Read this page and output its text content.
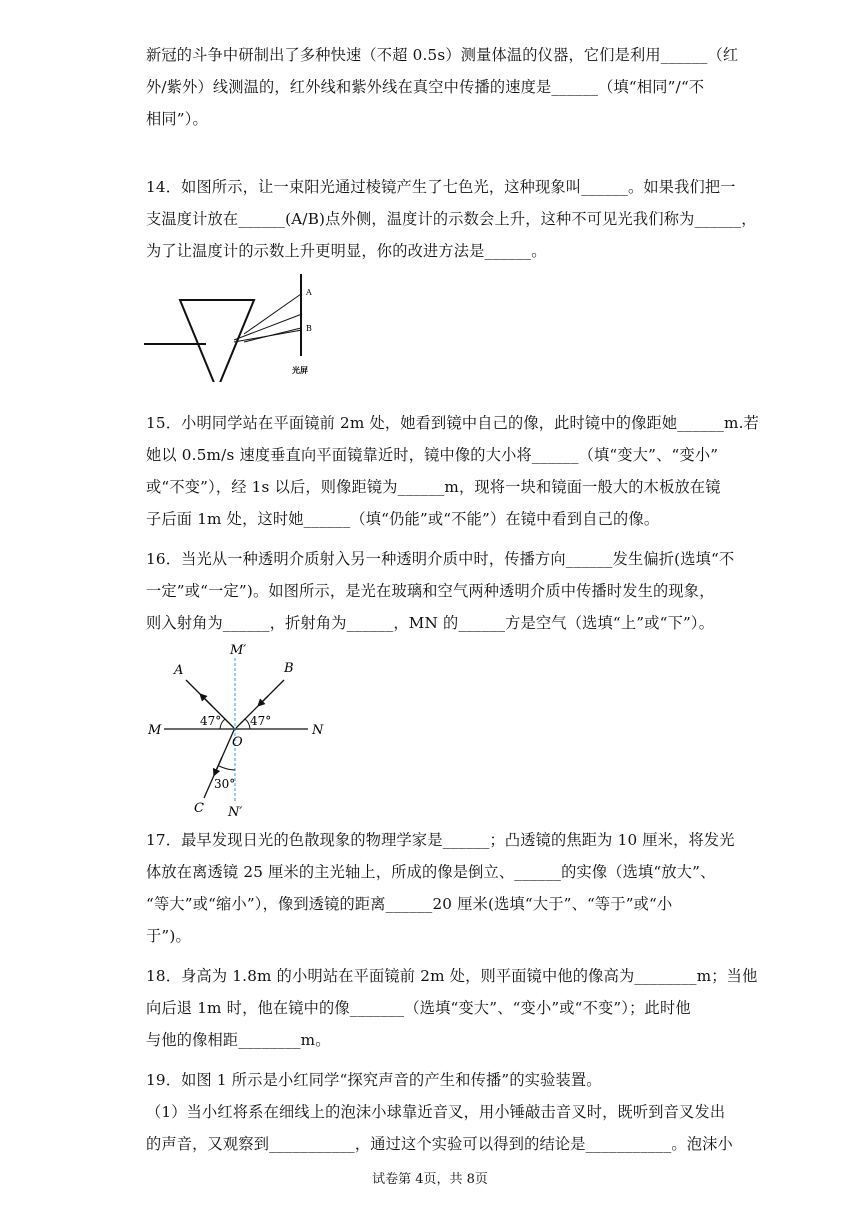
新冠的斗争中研制出了多种快速（不超 0.5s）测量体温的仪器，它们是利用______（红
外/紫外）线测温的，红外线和紫外线在真空中传播的速度是______（填“相同”/“不
相同”）。
14．如图所示，让一束阳光通过棱镜产生了七色光，这种现象叫______。如果我们把一
支温度计放在______(A/B)点外侧，温度计的示数会上升，这种不可见光我们称为______，
为了让温度计的示数上升更明显，你的改进方法是______。
A
B
光屏
15．小明同学站在平面镜前 2m 处，她看到镜中自己的像，此时镜中的像距她______m.若
她以 0.5m/s 速度垂直向平面镜靠近时，镜中像的大小将______（填“变大”、“变小”
或“不变”），经 1s 以后，则像距镜为______m，现将一块和镜面一般大的木板放在镜
子后面 1m 处，这时她______（填“仍能”或“不能”）在镜中看到自己的像。
16．当光从一种透明介质射入另一种透明介质中时，传播方向______发生偏折(选填“不
一定”或“一定”)。如图所示，是光在玻璃和空气两种透明介质中传播时发生的现象，
则入射角为______，折射角为______，MN 的______方是空气（选填“上”或“下”）。
M′
N′
M	N
O
A	B
C
47° 47°
30°
17．最早发现日光的色散现象的物理学家是______；凸透镜的焦距为 10 厘米，将发光
体放在离透镜 25 厘米的主光轴上，所成的像是倒立、______的实像（选填“放大”、
“等大”或“缩小”），像到透镜的距离______20 厘米(选填“大于”、“等于”或“小
于”)。
18．身高为 1.8m 的小明站在平面镜前 2m 处，则平面镜中他的像高为________m；当他
向后退 1m 时，他在镜中的像_______（选填“变大”、“变小”或“不变”）；此时他
与他的像相距________m。
19．如图 1 所示是小红同学“探究声音的产生和传播”的实验装置。
（1）当小红将系在细线上的泡沫小球靠近音叉，用小锤敲击音叉时，既听到音叉发出
的声音，又观察到___________，通过这个实验可以得到的结论是___________。泡沫小
试卷第 4页，共 8页
